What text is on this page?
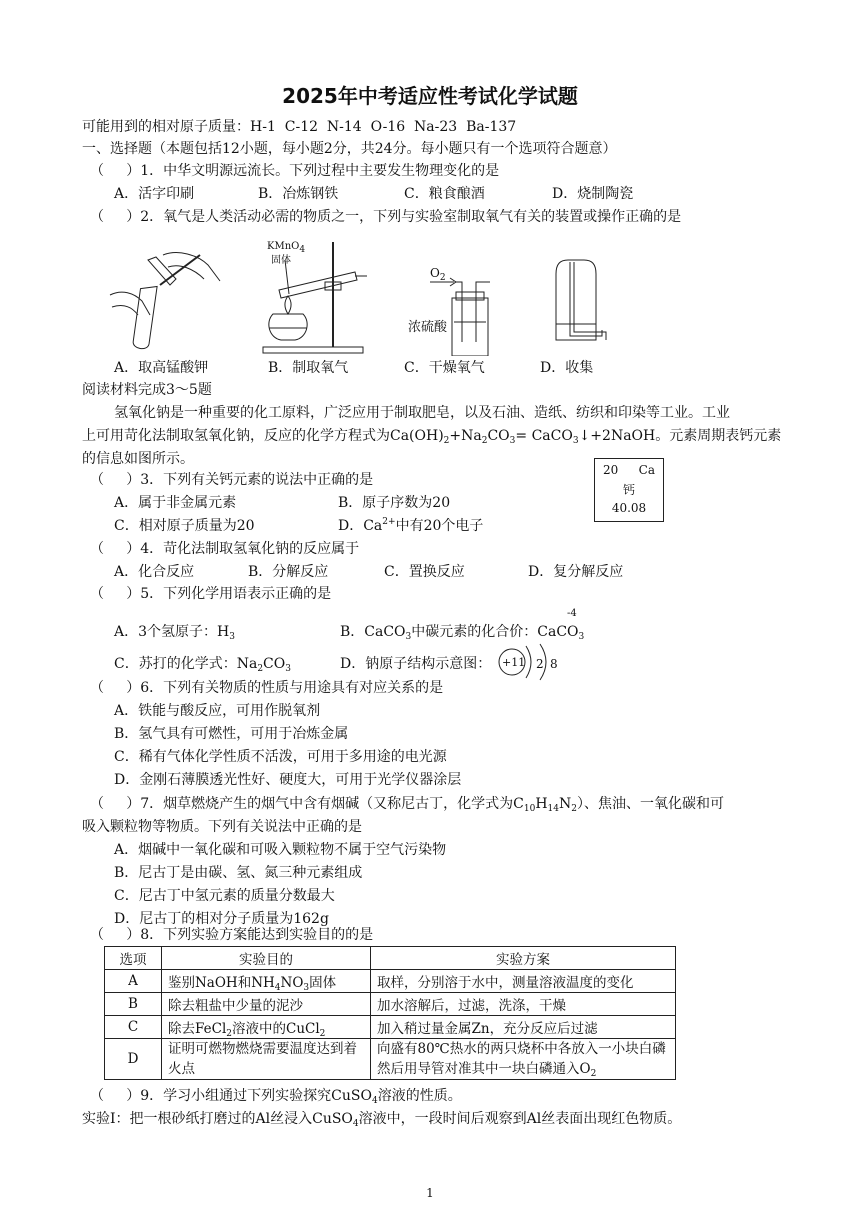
2025年中考适应性考试化学试题
可能用到的相对原子质量：H-1  C-12  N-14  O-16  Na-23  Ba-137
一、选择题（本题包括12小题，每小题2分，共24分。每小题只有一个选项符合题意）
（     ）1．中华文明源远流长。下列过程中主要发生物理变化的是
A．活字印刷	B．冶炼钢铁	C．粮食酿酒	D．烧制陶瓷
（     ）2．氧气是人类活动必需的物质之一，下列与实验室制取氧气有关的装置或操作正确的是
KMnO$_4$
固体
$O_2$
浓硫酸
A．取高锰酸钾	B．制取氧气	C．干燥氧气	D．收集
阅读材料完成3～5题
氢氧化钠是一种重要的化工原料，广泛应用于制取肥皂，以及石油、造纸、纺织和印染等工业。工业
上可用苛化法制取氢氧化钠，反应的化学方程式为$Ca(OH)_2+Na_2CO_3=$ CaCO$_3$↓+2NaOH。元素周期表钙元素
的信息如图所示。
20 Ca
钙
40.08
（     ）3．下列有关钙元素的说法中正确的是
A．属于非金属元素	B．原子序数为20
C．相对原子质量为20	D．$Ca^{2+}$中有20个电子
（     ）4．苛化法制取氢氧化钠的反应属于
A．化合反应	B．分解反应	C．置换反应	D．复分解反应
（     ）5．下列化学用语表示正确的是
A．3个氢原子：$H_3$	B．CaCO$_3$中碳元素的化合价：CaCO$_3$
-4
C．苏打的化学式：$Na_2CO_3$	D．钠原子结构示意图： +11 2 8
（     ）6．下列有关物质的性质与用途具有对应关系的是
A．铁能与酸反应，可用作脱氧剂
B．氢气具有可燃性，可用于冶炼金属
C．稀有气体化学性质不活泼，可用于多用途的电光源
D．金刚石薄膜透光性好、硬度大，可用于光学仪器涂层
（     ）7．烟草燃烧产生的烟气中含有烟碱（又称尼古丁，化学式为$C_{10}H_{14}N_2$）、焦油、一氧化碳和可
吸入颗粒物等物质。下列有关说法中正确的是
A．烟碱中一氧化碳和可吸入颗粒物不属于空气污染物
B．尼古丁是由碳、氢、氮三种元素组成
C．尼古丁中氢元素的质量分数最大
D．尼古丁的相对分子质量为162g
（     ）8．下列实验方案能达到实验目的的是
选项	实验目的	实验方案
A	鉴别NaOH和$NH_4NO_3$固体	取样，分别溶于水中，测量溶液温度的变化
B	除去粗盐中少量的泥沙	加水溶解后，过滤，洗涤，干燥
C	除去FeCl$_2$溶液中的CuCl$_2$	加入稍过量金属Zn，充分反应后过滤
D	证明可燃物燃烧需要温度达到着火点	向盛有80℃热水的两只烧杯中各放入一小块白磷然后用导管对准其中一块白磷通入$O_2$
（     ）9．学习小组通过下列实验探究CuSO$_4$溶液的性质。
实验Ⅰ：把一根砂纸打磨过的Al丝浸入CuSO$_4$溶液中，一段时间后观察到Al丝表面出现红色物质。
1
